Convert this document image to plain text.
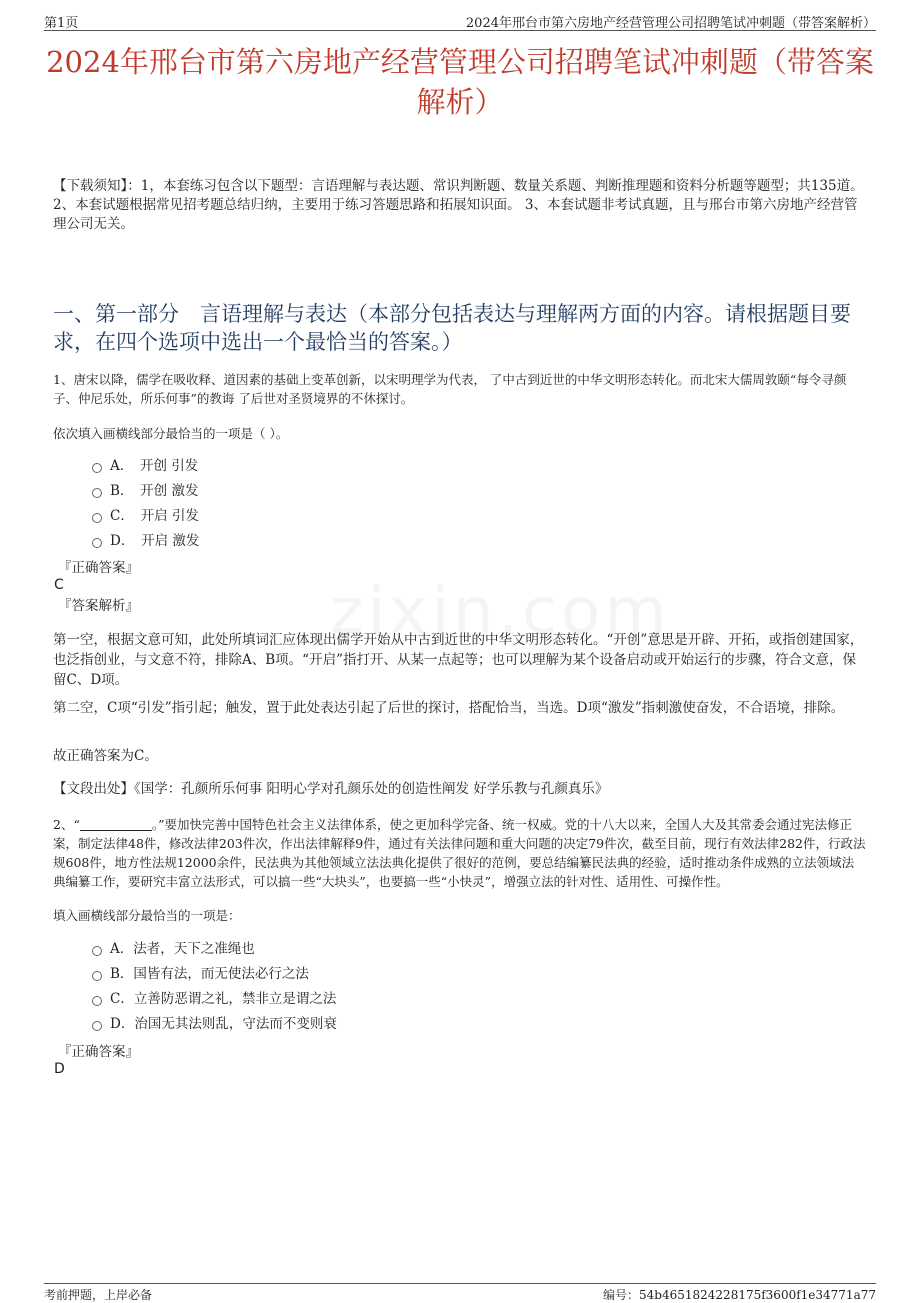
第1页	2024年邢台市第六房地产经营管理公司招聘笔试冲刺题（带答案解析）
2024年邢台市第六房地产经营管理公司招聘笔试冲刺题（带答案解析）
【下载须知】：1，本套练习包含以下题型：言语理解与表达题、常识判断题、数量关系题、判断推理题和资料分析题等题型；共135道。 2、本套试题根据常见招考题总结归纳，主要用于练习答题思路和拓展知识面。 3、本套试题非考试真题，且与邢台市第六房地产经营管理公司无关。
一、第一部分　言语理解与表达（本部分包括表达与理解两方面的内容。请根据题目要求，在四个选项中选出一个最恰当的答案。）
1、唐宋以降，儒学在吸收释、道因素的基础上变革创新，以宋明理学为代表， 了中古到近世的中华文明形态转化。而北宋大儒周敦颐“每令寻颜子、仲尼乐处，所乐何事”的教诲 了后世对圣贤境界的不休探讨。
依次填入画横线部分最恰当的一项是（ ）。
A．　开创 引发
B．　开创 激发
C．　开启 引发
D．　开启 激发
『正确答案』
C
『答案解析』
第一空，根据文意可知，此处所填词汇应体现出儒学开始从中古到近世的中华文明形态转化。“开创”意思是开辟、开拓，或指创建国家，也泛指创业，与文意不符，排除A、B项。“开启”指打开、从某一点起等；也可以理解为某个设备启动或开始运行的步骤，符合文意，保留C、D项。
第二空，C项“引发”指引起；触发，置于此处表达引起了后世的探讨，搭配恰当，当选。D项“激发”指刺激使奋发，不合语境，排除。
故正确答案为C。
【文段出处】《国学：孔颜所乐何事 阳明心学对孔颜乐处的创造性阐发 好学乐教与孔颜真乐》
2、“	。”要加快完善中国特色社会主义法律体系，使之更加科学完备、统一权威。党的十八大以来，全国人大及其常委会通过宪法修正案，制定法律48件，修改法律203件次，作出法律解释9件，通过有关法律问题和重大问题的决定79件次，截至目前，现行有效法律282件，行政法规608件，地方性法规12000余件，民法典为其他领域立法法典化提供了很好的范例，要总结编纂民法典的经验，适时推动条件成熟的立法领域法典编纂工作，要研究丰富立法形式，可以搞一些“大块头”，也要搞一些“小快灵”，增强立法的针对性、适用性、可操作性。
填入画横线部分最恰当的一项是：
A．法者，天下之准绳也
B．国皆有法，而无使法必行之法
C．立善防恶谓之礼，禁非立是谓之法
D．治国无其法则乱，守法而不变则衰
『正确答案』
D
考前押题，上岸必备	编号：54b4651824228175f3600f1e34771a77
